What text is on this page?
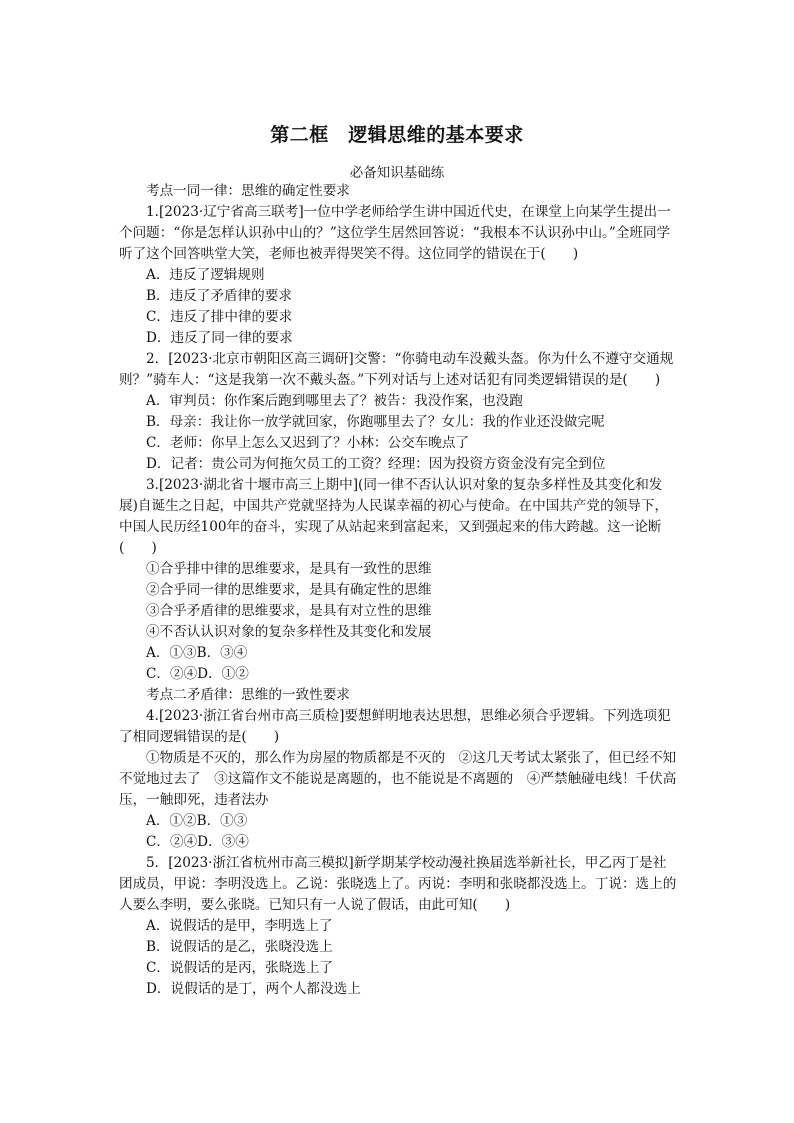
第二框　逻辑思维的基本要求
必备知识基础练

考点一同一律：思维的确定性要求

1.[2023·辽宁省高三联考]一位中学老师给学生讲中国近代史，在课堂上向某学生提出一个问题：“你是怎样认识孙中山的？”这位学生居然回答说：“我根本不认识孙中山。”全班同学听了这个回答哄堂大笑，老师也被弄得哭笑不得。这位同学的错误在于(　　)

A．违反了逻辑规则

B．违反了矛盾律的要求

C．违反了排中律的要求

D．违反了同一律的要求

2．[2023·北京市朝阳区高三调研]交警：“你骑电动车没戴头盔。你为什么不遵守交通规则？”骑车人：“这是我第一次不戴头盔。”下列对话与上述对话犯有同类逻辑错误的是(　　)

A．审判员：你作案后跑到哪里去了？被告：我没作案，也没跑

B．母亲：我让你一放学就回家，你跑哪里去了？女儿：我的作业还没做完呢

C．老师：你早上怎么又迟到了？小林：公交车晚点了

D．记者：贵公司为何拖欠员工的工资？经理：因为投资方资金没有完全到位

3.[2023·湖北省十堰市高三上期中](同一律不否认认识对象的复杂多样性及其变化和发展)自诞生之日起，中国共产党就坚持为人民谋幸福的初心与使命。在中国共产党的领导下，中国人民历经100年的奋斗，实现了从站起来到富起来，又到强起来的伟大跨越。这一论断(　　)

①合乎排中律的思维要求，是具有一致性的思维

②合乎同一律的思维要求，是具有确定性的思维

③合乎矛盾律的思维要求，是具有对立性的思维

④不否认认识对象的复杂多样性及其变化和发展

A．①③B．③④

C．②④D．①②

考点二矛盾律：思维的一致性要求

4.[2023·浙江省台州市高三质检]要想鲜明地表达思想，思维必须合乎逻辑。下列选项犯了相同逻辑错误的是(　　)

①物质是不灭的，那么作为房屋的物质都是不灭的　②这几天考试太紧张了，但已经不知不觉地过去了　③这篇作文不能说是离题的，也不能说是不离题的　④严禁触碰电线！千伏高压，一触即死，违者法办

A．①②B．①③

C．②④D．③④

5．[2023·浙江省杭州市高三模拟]新学期某学校动漫社换届选举新社长，甲乙丙丁是社团成员，甲说：李明没选上。乙说：张晓选上了。丙说：李明和张晓都没选上。丁说：选上的人要么李明，要么张晓。已知只有一人说了假话，由此可知(　　)

A．说假话的是甲，李明选上了

B．说假话的是乙，张晓没选上

C．说假话的是丙，张晓选上了

D．说假话的是丁，两个人都没选上
